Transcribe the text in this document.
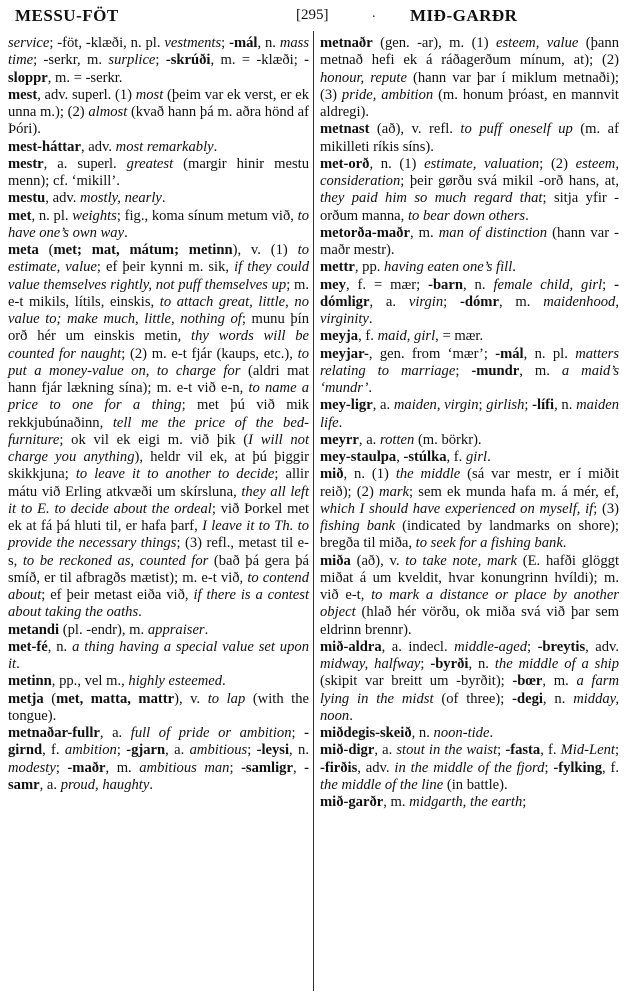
MESSU-FÖT	[295]	. MIÐ-GARÐR

service; -föt, -klæði, n. pl. vestments; -mál, n. mass time; -serkr, m. surplice; -skrúði, m. = -klæði; -sloppr, m. = -serkr.

mest, adv. superl. (1) most (þeim var ek verst, er ek unna m.); (2) almost (kvað hann þá m. aðra hönd af Þóri).

mest-háttar, adv. most remarkably.

mestr, a. superl. greatest (margir hinir mestu menn); cf. ‘mikill’.

mestu, adv. mostly, nearly.

met, n. pl. weights; fig., koma sínum metum við, to have one’s own way.

meta (met; mat, mátum; metinn), v. (1) to estimate, value; ef þeir kynni m. sik, if they could value themselves rightly, not puff themselves up; m. e-t mikils, lítils, einskis, to attach great, little, no value to; make much, little, nothing of; munu þín orð hér um einskis metin, thy words will be counted for naught; (2) m. e-t fjár (kaups, etc.), to put a money-value on, to charge for (aldri mat hann fjár lækning sína); m. e-t við e-n, to name a price to one for a thing; met þú við mik rekkjubúnaðinn, tell me the price of the bed-furniture; ok vil ek eigi m. við þik (I will not charge you anything), heldr vil ek, at þú þiggir skikkjuna; to leave it to another to decide; allir mátu við Erling atkvæði um skírsluna, they all left it to E. to decide about the ordeal; við Þorkel met ek at fá þá hluti til, er hafa þarf, I leave it to Th. to provide the necessary things; (3) refl., metast til e-s, to be reckoned as, counted for (bað þá gera þá smíð, er til afbragðs mætist); m. e-t við, to contend about; ef þeir metast eiða við, if there is a contest about taking the oaths.

metandi (pl. -endr), m. appraiser.

met-fé, n. a thing having a special value set upon it.

metinn, pp., vel m., highly esteemed.

metja (met, matta, mattr), v. to lap (with the tongue).

metnaðar-fullr, a. full of pride or ambition; -girnd, f. ambition; -gjarn, a. ambitious; -leysi, n. modesty; -maðr, m. ambitious man; -samligr, -samr, a. proud, haughty.

metnaðr (gen. -ar), m. (1) esteem, value (þann metnað hefi ek á ráðagerðum mínum, at); (2) honour, repute (hann var þar í miklum metnaði); (3) pride, ambition (m. honum þróast, en mannvit aldregi).

metnast (að), v. refl. to puff oneself up (m. af mikilleti ríkis síns).

met-orð, n. (1) estimate, valuation; (2) esteem, consideration; þeir gørðu svá mikil -orð hans, at, they paid him so much regard that; sitja yfir -orðum manna, to bear down others.

metorða-maðr, m. man of distinction (hann var -maðr mestr).

mettr, pp. having eaten one’s fill.

mey, f. = mær; -barn, n. female child, girl; -dómligr, a. virgin; -dómr, m. maidenhood, virginity.

meyja, f. maid, girl, = mær.

meyjar-, gen. from ‘mær’; -mál, n. pl. matters relating to marriage; -mundr, m. a maid’s ‘mundr’.

mey-ligr, a. maiden, virgin; girlish; -lífi, n. maiden life.

meyrr, a. rotten (m. börkr).

mey-staulpa, -stúlka, f. girl.

mið, n. (1) the middle (sá var mestr, er í miðit reið); (2) mark; sem ek munda hafa m. á mér, ef, which I should have experienced on myself, if; (3) fishing bank (indicated by landmarks on shore); bregða til miða, to seek for a fishing bank.

miða (að), v. to take note, mark (E. hafði glöggt miðat á um kveldit, hvar konungrinn hvíldi); m. við e-t, to mark a distance or place by another object (hlað hér vörðu, ok miða svá við þar sem eldrinn brennr).

mið-aldra, a. indecl. middle-aged; -breytis, adv. midway, halfway; -byrði, n. the middle of a ship (skipit var breitt um -byrðit); -bœr, m. a farm lying in the midst (of three); -degi, n. midday, noon.

miðdegis-skeið, n. noon-tide.

mið-digr, a. stout in the waist; -fasta, f. Mid-Lent; -firðis, adv. in the middle of the fjord; -fylking, f. the middle of the line (in battle).

mið-garðr, m. midgarth, the earth;
